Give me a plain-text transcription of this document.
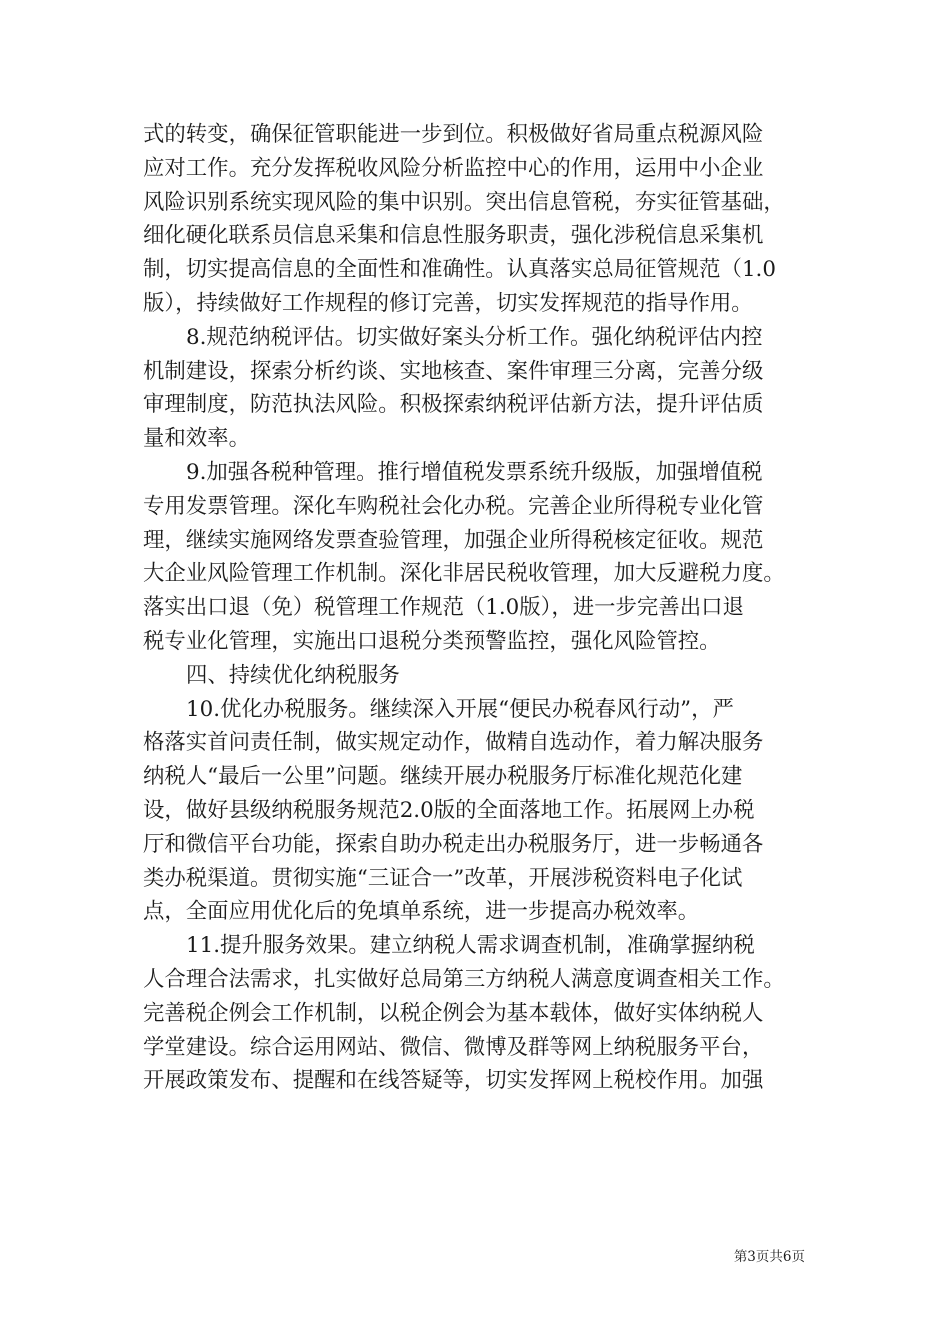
式的转变，确保征管职能进一步到位。积极做好省局重点税源风险
应对工作。充分发挥税收风险分析监控中心的作用，运用中小企业
风险识别系统实现风险的集中识别。突出信息管税，夯实征管基础，
细化硬化联系员信息采集和信息性服务职责，强化涉税信息采集机
制，切实提高信息的全面性和准确性。认真落实总局征管规范（1.0
版），持续做好工作规程的修订完善，切实发挥规范的指导作用。
8.规范纳税评估。切实做好案头分析工作。强化纳税评估内控
机制建设，探索分析约谈、实地核查、案件审理三分离，完善分级
审理制度，防范执法风险。积极探索纳税评估新方法，提升评估质
量和效率。
9.加强各税种管理。推行增值税发票系统升级版，加强增值税
专用发票管理。深化车购税社会化办税。完善企业所得税专业化管
理，继续实施网络发票查验管理，加强企业所得税核定征收。规范
大企业风险管理工作机制。深化非居民税收管理，加大反避税力度。
落实出口退（免）税管理工作规范（1.0版），进一步完善出口退
税专业化管理，实施出口退税分类预警监控，强化风险管控。
四、持续优化纳税服务
10.优化办税服务。继续深入开展“便民办税春风行动”，严
格落实首问责任制，做实规定动作，做精自选动作，着力解决服务
纳税人“最后一公里”问题。继续开展办税服务厅标准化规范化建
设，做好县级纳税服务规范2.0版的全面落地工作。拓展网上办税
厅和微信平台功能，探索自助办税走出办税服务厅，进一步畅通各
类办税渠道。贯彻实施“三证合一”改革，开展涉税资料电子化试
点，全面应用优化后的免填单系统，进一步提高办税效率。
11.提升服务效果。建立纳税人需求调查机制，准确掌握纳税
人合理合法需求，扎实做好总局第三方纳税人满意度调查相关工作。
完善税企例会工作机制，以税企例会为基本载体，做好实体纳税人
学堂建设。综合运用网站、微信、微博及群等网上纳税服务平台，
开展政策发布、提醒和在线答疑等，切实发挥网上税校作用。加强
第3页共6页
